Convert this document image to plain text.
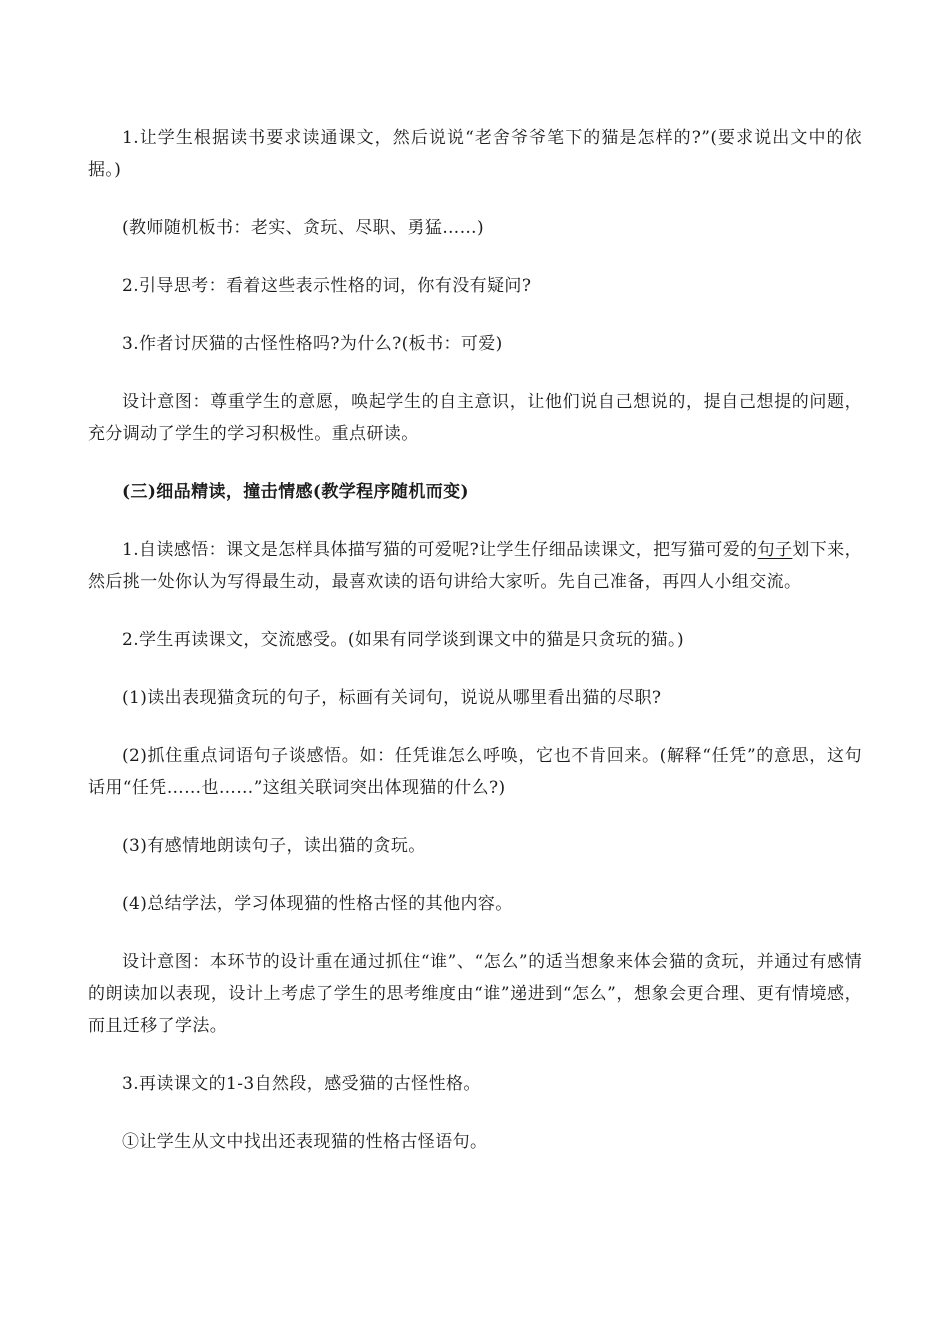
1.让学生根据读书要求读通课文，然后说说“老舍爷爷笔下的猫是怎样的?”(要求说出文中的依据。)

(教师随机板书：老实、贪玩、尽职、勇猛……)

2.引导思考：看着这些表示性格的词，你有没有疑问?

3.作者讨厌猫的古怪性格吗?为什么?(板书：可爱)

设计意图：尊重学生的意愿，唤起学生的自主意识，让他们说自己想说的，提自己想提的问题，充分调动了学生的学习积极性。重点研读。

(三)细品精读，撞击情感(教学程序随机而变)

1.自读感悟：课文是怎样具体描写猫的可爱呢?让学生仔细品读课文，把写猫可爱的句子划下来，然后挑一处你认为写得最生动，最喜欢读的语句讲给大家听。先自己准备，再四人小组交流。

2.学生再读课文，交流感受。(如果有同学谈到课文中的猫是只贪玩的猫。)

(1)读出表现猫贪玩的句子，标画有关词句，说说从哪里看出猫的尽职?

(2)抓住重点词语句子谈感悟。如：任凭谁怎么呼唤，它也不肯回来。(解释“任凭”的意思，这句话用“任凭……也……”这组关联词突出体现猫的什么?)

(3)有感情地朗读句子，读出猫的贪玩。

(4)总结学法，学习体现猫的性格古怪的其他内容。

设计意图：本环节的设计重在通过抓住“谁”、“怎么”的适当想象来体会猫的贪玩，并通过有感情的朗读加以表现，设计上考虑了学生的思考维度由“谁”递进到“怎么”，想象会更合理、更有情境感，而且迁移了学法。

3.再读课文的1-3自然段，感受猫的古怪性格。

①让学生从文中找出还表现猫的性格古怪语句。
